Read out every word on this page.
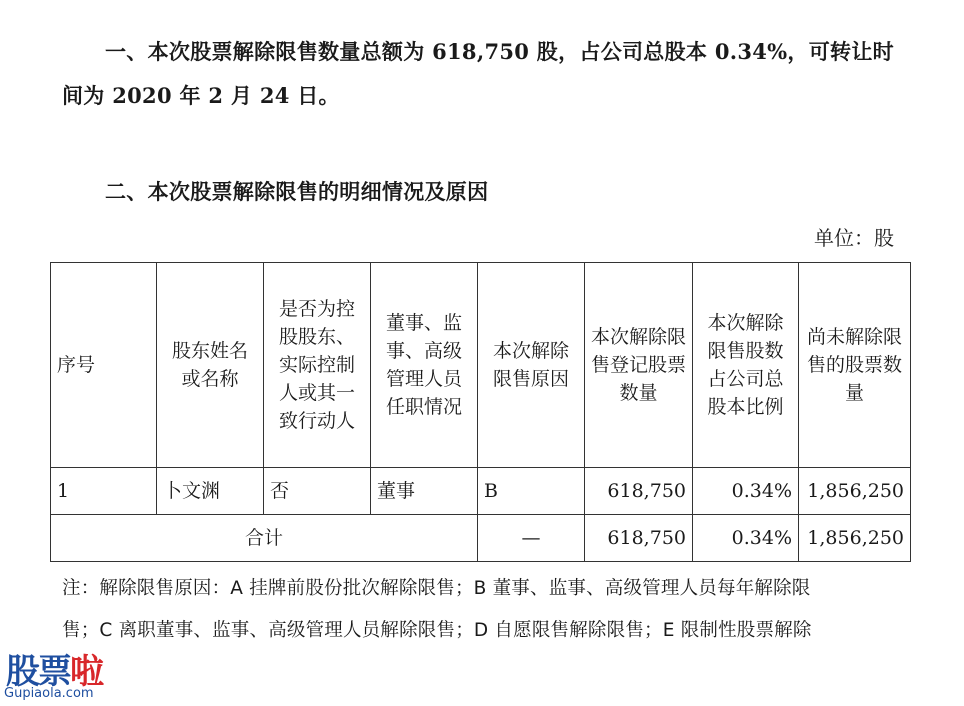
一、本次股票解除限售数量总额为 618,750 股，占公司总股本 0.34%，可转让时间为 2020 年 2 月 24 日。
二、本次股票解除限售的明细情况及原因
单位：股
序号	股东姓名或名称	是否为控股股东、实际控制人或其一致行动人	董事、监事、高级管理人员任职情况	本次解除限售原因	本次解除限售登记股票数量	本次解除限售股数占公司总股本比例	尚未解除限售的股票数量
1	卜文渊	否	董事	B	618,750	0.34%	1,856,250
合计				—	618,750	0.34%	1,856,250
注：解除限售原因：A 挂牌前股份批次解除限售；B 董事、监事、高级管理人员每年解除限
售；C 离职董事、监事、高级管理人员解除限售；D 自愿限售解除限售；E 限制性股票解除
股票啦
Gupiaola.com
